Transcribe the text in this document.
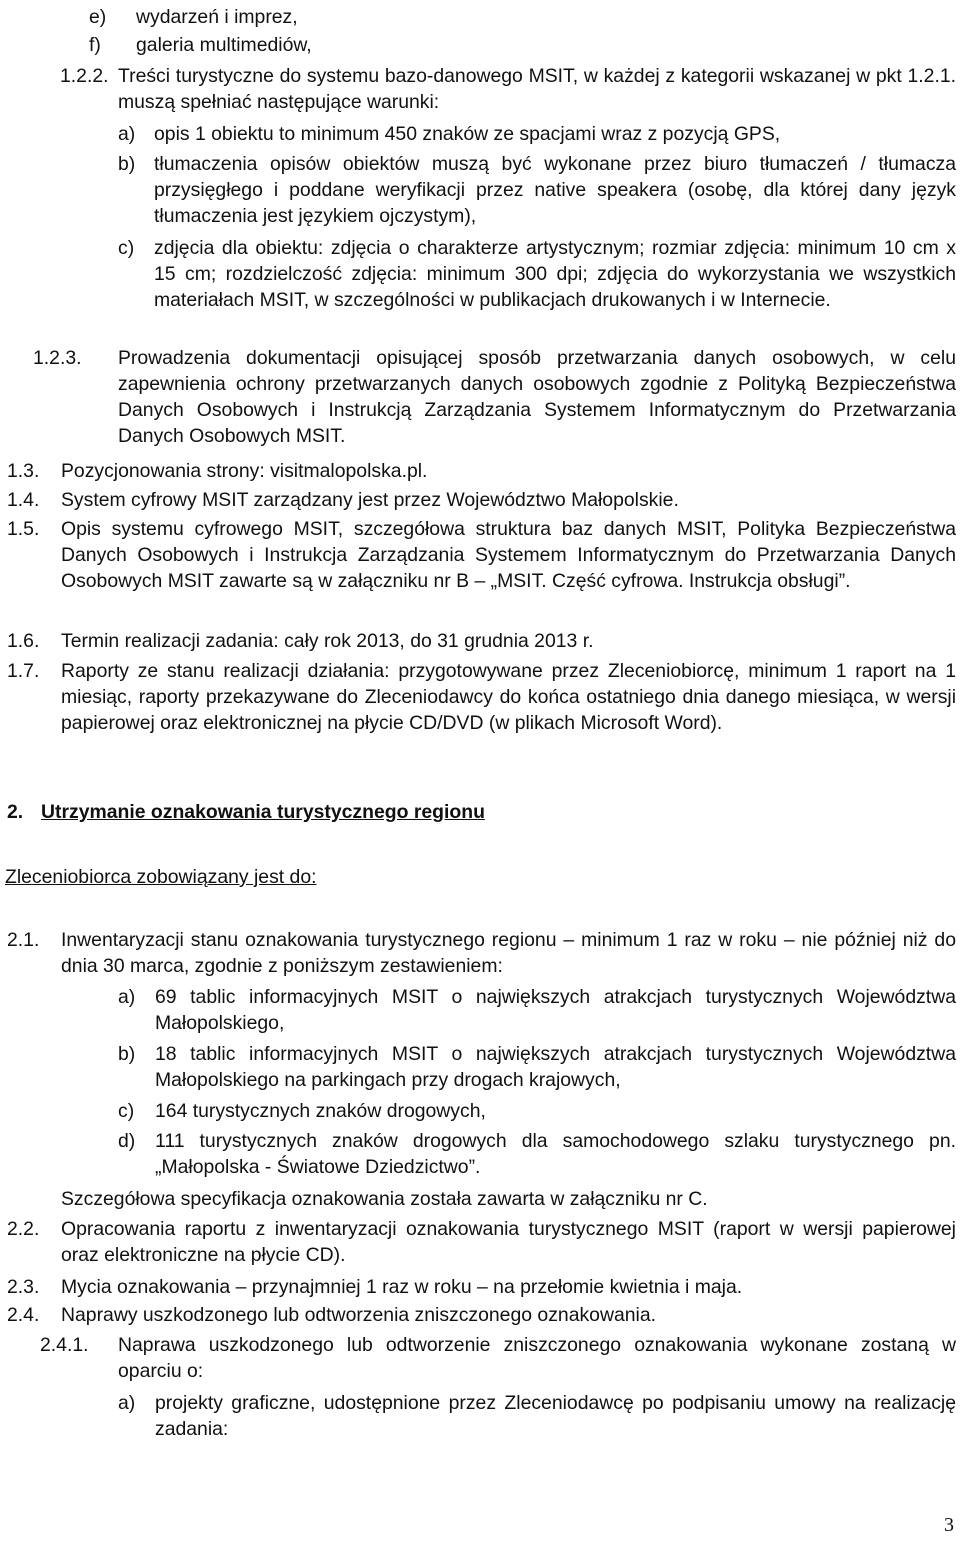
e)	wydarzeń i imprez,
f)	galeria multimediów,
1.2.2. Treści turystyczne do systemu bazo-danowego MSIT, w każdej z kategorii wskazanej w pkt 1.2.1. muszą spełniać następujące warunki:
a) opis 1 obiektu to minimum 450 znaków ze spacjami wraz z pozycją GPS,
b) tłumaczenia opisów obiektów muszą być wykonane przez biuro tłumaczeń / tłumacza przysięgłego i poddane weryfikacji przez native speakera (osobę, dla której dany język tłumaczenia jest językiem ojczystym),
c)	zdjęcia dla obiektu: zdjęcia o charakterze artystycznym; rozmiar zdjęcia: minimum 10 cm x 15 cm; rozdzielczość zdjęcia: minimum 300 dpi; zdjęcia do wykorzystania we wszystkich materiałach MSIT, w szczególności w publikacjach drukowanych i w Internecie.
1.2.3.	Prowadzenia dokumentacji opisującej sposób przetwarzania danych osobowych, w celu zapewnienia ochrony przetwarzanych danych osobowych zgodnie z Polityką Bezpieczeństwa Danych Osobowych i Instrukcją Zarządzania Systemem Informatycznym do Przetwarzania Danych Osobowych MSIT.
1.3.	Pozycjonowania strony: visitmalopolska.pl.
1.4.	System cyfrowy MSIT zarządzany jest przez Województwo Małopolskie.
1.5.	Opis systemu cyfrowego MSIT, szczegółowa struktura baz danych MSIT, Polityka Bezpieczeństwa Danych Osobowych i Instrukcja Zarządzania Systemem Informatycznym do Przetwarzania Danych Osobowych MSIT zawarte są w załączniku nr B – „MSIT. Część cyfrowa. Instrukcja obsługi”.
1.6.	Termin realizacji zadania: cały rok 2013, do 31 grudnia 2013 r.
1.7.	Raporty ze stanu realizacji działania: przygotowywane przez Zleceniobiorcę, minimum 1 raport na 1 miesiąc, raporty przekazywane do Zleceniodawcy do końca ostatniego dnia danego miesiąca, w wersji papierowej oraz elektronicznej na płycie CD/DVD (w plikach Microsoft Word).
2. Utrzymanie oznakowania turystycznego regionu
Zleceniobiorca zobowiązany jest do:
2.1.	Inwentaryzacji stanu oznakowania turystycznego regionu – minimum 1 raz w roku – nie później niż do dnia 30 marca, zgodnie z poniższym zestawieniem:
a)	69 tablic informacyjnych MSIT o największych atrakcjach turystycznych Województwa Małopolskiego,
b)	18 tablic informacyjnych MSIT o największych atrakcjach turystycznych Województwa Małopolskiego na parkingach przy drogach krajowych,
c)	164 turystycznych znaków drogowych,
d)	111 turystycznych znaków drogowych dla samochodowego szlaku turystycznego pn. „Małopolska - Światowe Dziedzictwo”.
Szczegółowa specyfikacja oznakowania została zawarta w załączniku nr C.
2.2.	Opracowania raportu z inwentaryzacji oznakowania turystycznego MSIT (raport w wersji papierowej oraz elektroniczne na płycie CD).
2.3.	Mycia oznakowania – przynajmniej 1 raz w roku – na przełomie kwietnia i maja.
2.4.	Naprawy uszkodzonego lub odtworzenia zniszczonego oznakowania.
2.4.1.	Naprawa uszkodzonego lub odtworzenie zniszczonego oznakowania wykonane zostaną w oparciu o:
a)	projekty graficzne, udostępnione przez Zleceniodawcę po podpisaniu umowy na realizację zadania:
3
